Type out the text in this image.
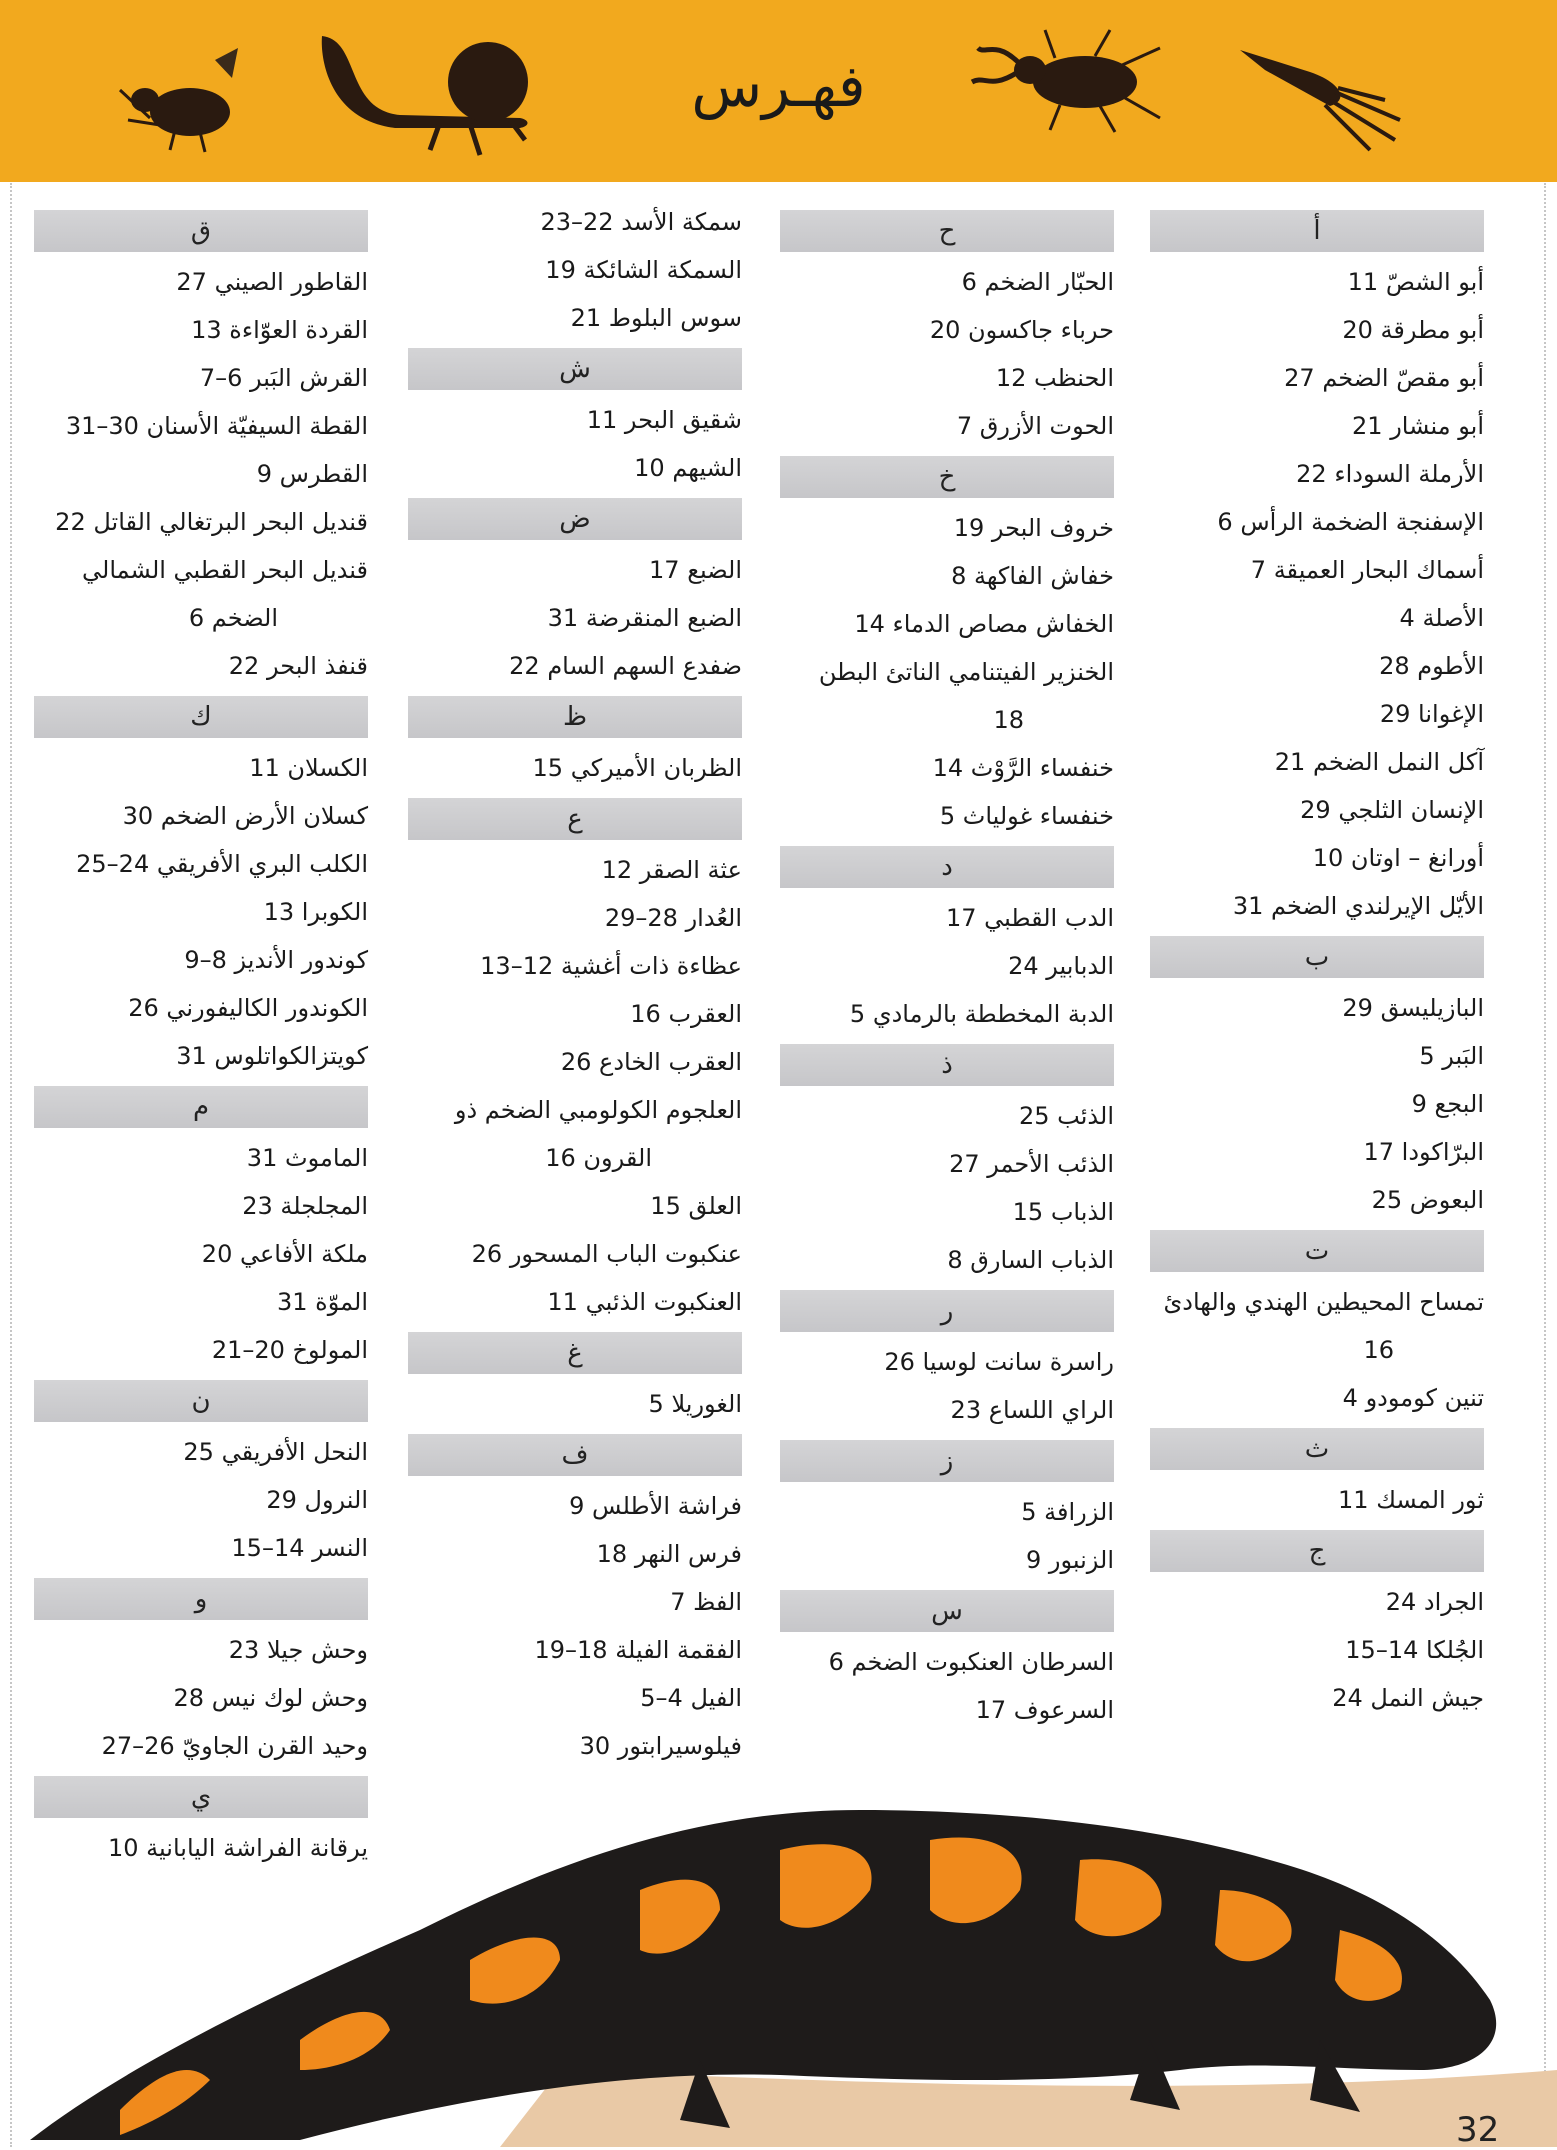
فهـرس
أ
أبو الشصّ 11
أبو مطرقة 20
أبو مقصّ الضخم 27
أبو منشار 21
الأرملة السوداء 22
الإسفنجة الضخمة الرأس 6
أسماك البحار العميقة 7
الأصلة 4
الأطوم 28
الإغوانا 29
آكل النمل الضخم 21
الإنسان الثلجي 29
أورانغ – اوتان 10
الأيّل الإيرلندي الضخم 31
ب
البازيليسق 29
البَبر 5
البجع 9
البرّاكودا 17
البعوض 25
ت
تمساح المحيطين الهندي والهادئ
16
تنين كومودو 4
ث
ثور المسك 11
ج
الجراد 24
الجُلكا 14–15
جيش النمل 24
ح
الحبّار الضخم 6
حرباء جاكسون 20
الحنظب 12
الحوت الأزرق 7
خ
خروف البحر 19
خفاش الفاكهة 8
الخفاش مصاص الدماء 14
الخنزير الفيتنامي الناتئ البطن
18
خنفساء الرَّوْث 14
خنفساء غولياث 5
د
الدب القطبي 17
الدبابير 24
الدبة المخططة بالرمادي 5
ذ
الذئب 25
الذئب الأحمر 27
الذباب 15
الذباب السارق 8
ر
راسرة سانت لوسيا 26
الراي اللساع 23
ز
الزرافة 5
الزنبور 9
س
السرطان العنكبوت الضخم 6
السرعوف 17
سمكة الأسد 22–23
السمكة الشائكة 19
سوس البلوط 21
ش
شقيق البحر 11
الشيهم 10
ض
الضبع 17
الضبع المنقرضة 31
ضفدع السهم السام 22
ظ
الظربان الأميركي 15
ع
عثة الصقر 12
العُدار 28–29
عظاءة ذات أغشية 12–13
العقرب 16
العقرب الخادع 26
العلجوم الكولومبي الضخم ذو
القرون 16
العلق 15
عنكبوت الباب المسحور 26
العنكبوت الذئبي 11
غ
الغوريلا 5
ف
فراشة الأطلس 9
فرس النهر 18
الفظ 7
الفقمة الفيلة 18–19
الفيل 4–5
فيلوسيرابتور 30
ق
القاطور الصيني 27
القردة العوّاءة 13
القرش البَبر 6–7
القطة السيفيّة الأسنان 30–31
القطرس 9
قنديل البحر البرتغالي القاتل 22
قنديل البحر القطبي الشمالي
الضخم 6
قنفذ البحر 22
ك
الكسلان 11
كسلان الأرض الضخم 30
الكلب البري الأفريقي 24–25
الكوبرا 13
كوندور الأنديز 8–9
الكوندور الكاليفورني 26
كويتزالكواتلوس 31
م
الماموث 31
المجلجلة 23
ملكة الأفاعي 20
الموّة 31
المولوخ 20–21
ن
النحل الأفريقي 25
النرول 29
النسر 14–15
و
وحش جيلا 23
وحش لوك نيس 28
وحيد القرن الجاويّ 26–27
ي
يرقانة الفراشة اليابانية 10
32
